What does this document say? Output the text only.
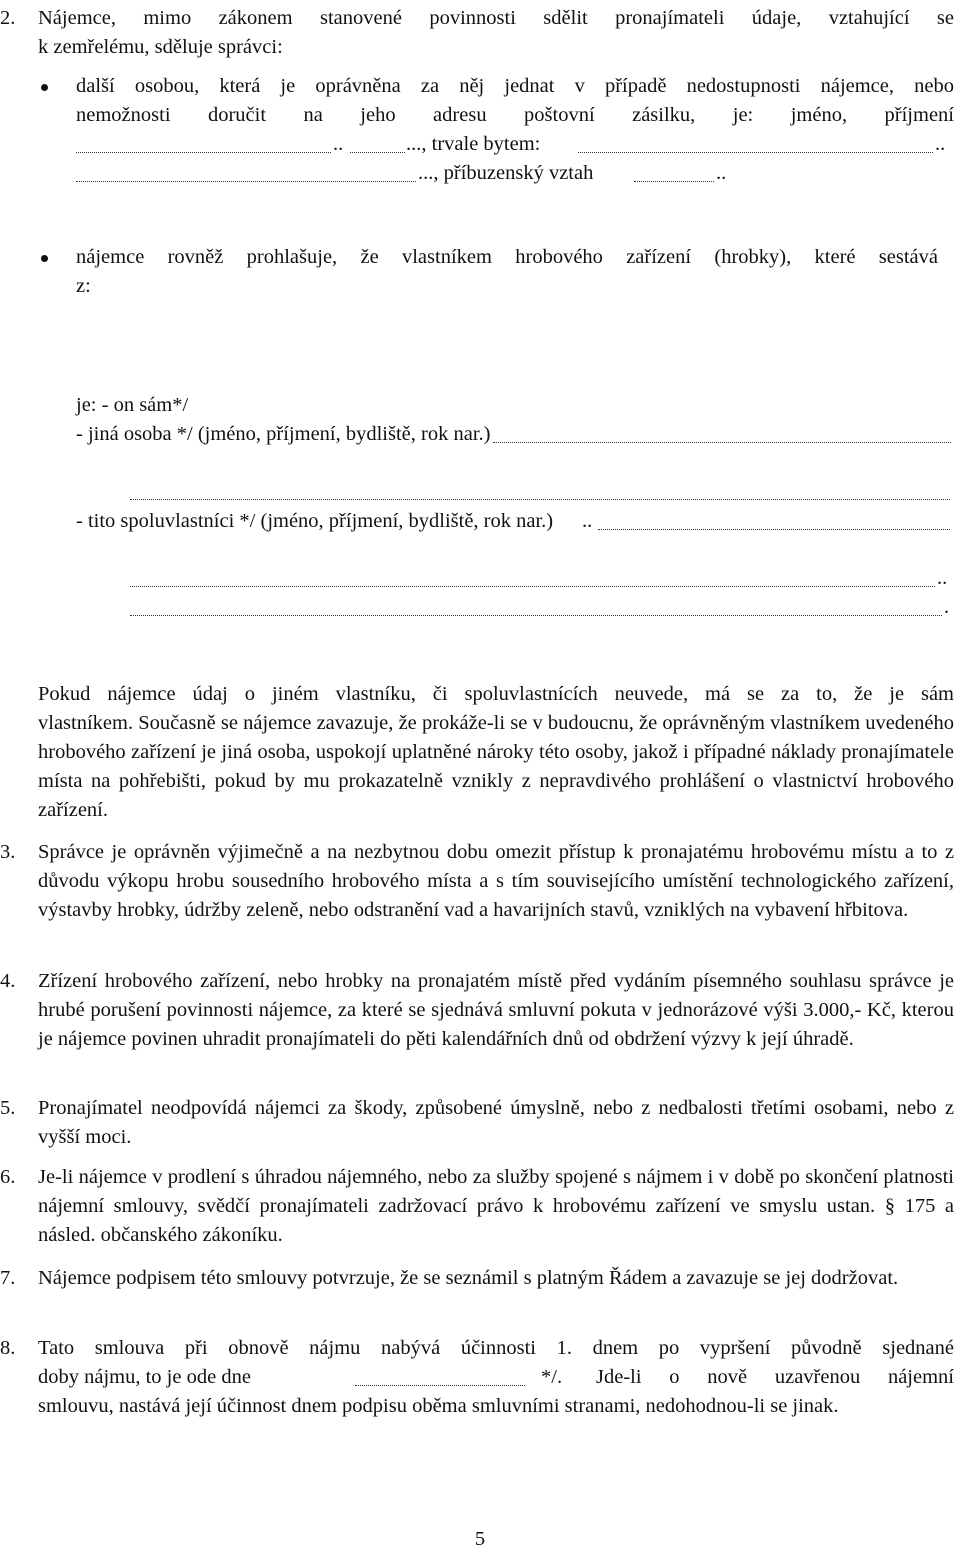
2. Nájemce, mimo zákonem stanovené povinnosti sdělit pronajímateli údaje, vztahující se
k zemřelému, sděluje správci:
další osobou, která je oprávněna za něj jednat v případě nedostupnosti nájemce, nebo
nemožnosti doručit na jeho adresu poštovní zásilku, je: jméno, příjmení
..	..., trvale bytem:	..
..., příbuzenský vztah	..
nájemce rovněž prohlašuje, že vlastníkem hrobového zařízení (hrobky), které sestává
z:
je: - on sám*/
- jiná osoba */ (jméno, příjmení, bydliště, rok nar.)
- tito spoluvlastníci */ (jméno, příjmení, bydliště, rok nar.) ..
..
.
Pokud nájemce údaj o jiném vlastníku, či spoluvlastnících neuvede, má se za to, že je sám
vlastníkem. Současně se nájemce zavazuje, že prokáže-li se v budoucnu, že oprávněným vlastníkem uvedeného hrobového zařízení je jiná osoba, uspokojí uplatněné nároky této osoby, jakož i případné náklady pronajímatele místa na pohřebišti, pokud by mu prokazatelně vznikly z nepravdivého prohlášení o vlastnictví hrobového zařízení.
3. Správce je oprávněn výjimečně a na nezbytnou dobu omezit přístup k pronajatému hrobovému místu a to z důvodu výkopu hrobu sousedního hrobového místa a s tím souvisejícího umístění technologického zařízení, výstavby hrobky, údržby zeleně, nebo odstranění vad a havarijních stavů, vzniklých na vybavení hřbitova.
4. Zřízení hrobového zařízení, nebo hrobky na pronajatém místě před vydáním písemného souhlasu správce je hrubé porušení povinnosti nájemce, za které se sjednává smluvní pokuta v jednorázové výši 3.000,- Kč, kterou je nájemce povinen uhradit pronajímateli do pěti kalendářních dnů od obdržení výzvy k její úhradě.
5. Pronajímatel neodpovídá nájemci za škody, způsobené úmyslně, nebo z nedbalosti třetími osobami, nebo z vyšší moci.
6. Je-li nájemce v prodlení s úhradou nájemného, nebo za služby spojené s nájmem i v době po skončení platnosti nájemní smlouvy, svědčí pronajímateli zadržovací právo k hrobovému zařízení ve smyslu ustan. § 175 a násled. občanského zákoníku.
7. Nájemce podpisem této smlouvy potvrzuje, že se seznámil s platným Řádem a zavazuje se jej dodržovat.
8. Tato smlouva při obnově nájmu nabývá účinnosti 1. dnem po vypršení původně sjednané
doby nájmu, to je ode dne	*/. Jde-li o nově uzavřenou nájemní
smlouvu, nastává její účinnost dnem podpisu oběma smluvními stranami, nedohodnou-li se jinak.
5
